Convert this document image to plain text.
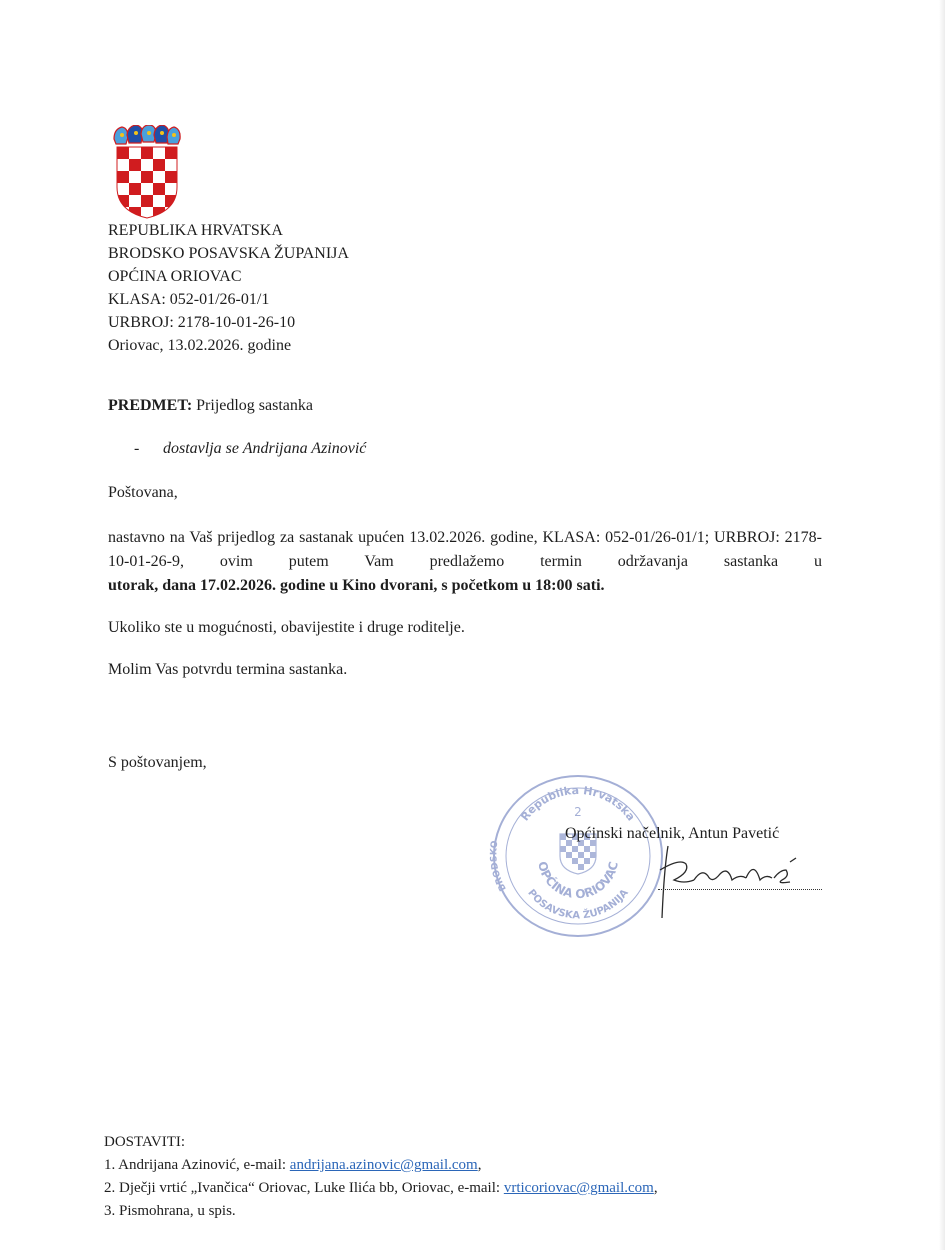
REPUBLIKA HRVATSKA
BRODSKO POSAVSKA ŽUPANIJA
OPĆINA ORIOVAC
KLASA: 052-01/26-01/1
URBROJ: 2178-10-01-26-10
Oriovac, 13.02.2026. godine
PREDMET: Prijedlog sastanka
- dostavlja se Andrijana Azinović
Poštovana,
nastavno na Vaš prijedlog za sastanak upućen 13.02.2026. godine, KLASA: 052-01/26-01/1; URBROJ: 2178-10-01-26-9, ovim putem Vam predlažemo termin održavanja sastanka u
utorak, dana 17.02.2026. godine u Kino dvorani, s početkom u 18:00 sati.
Ukoliko ste u mogućnosti, obavijestite i druge roditelje.
Molim Vas potvrdu termina sastanka.
S poštovanjem,
Republika Hrvatska
OPĆINA ORIOVAC
POSAVSKA ŽUPANIJA
BRODSKO
2
Općinski načelnik, Antun Pavetić
DOSTAVITI:
1. Andrijana Azinović, e-mail: andrijana.azinovic@gmail.com,
2. Dječji vrtić „Ivančica“ Oriovac, Luke Ilića bb, Oriovac, e-mail: vrticoriovac@gmail.com,
3. Pismohrana, u spis.
